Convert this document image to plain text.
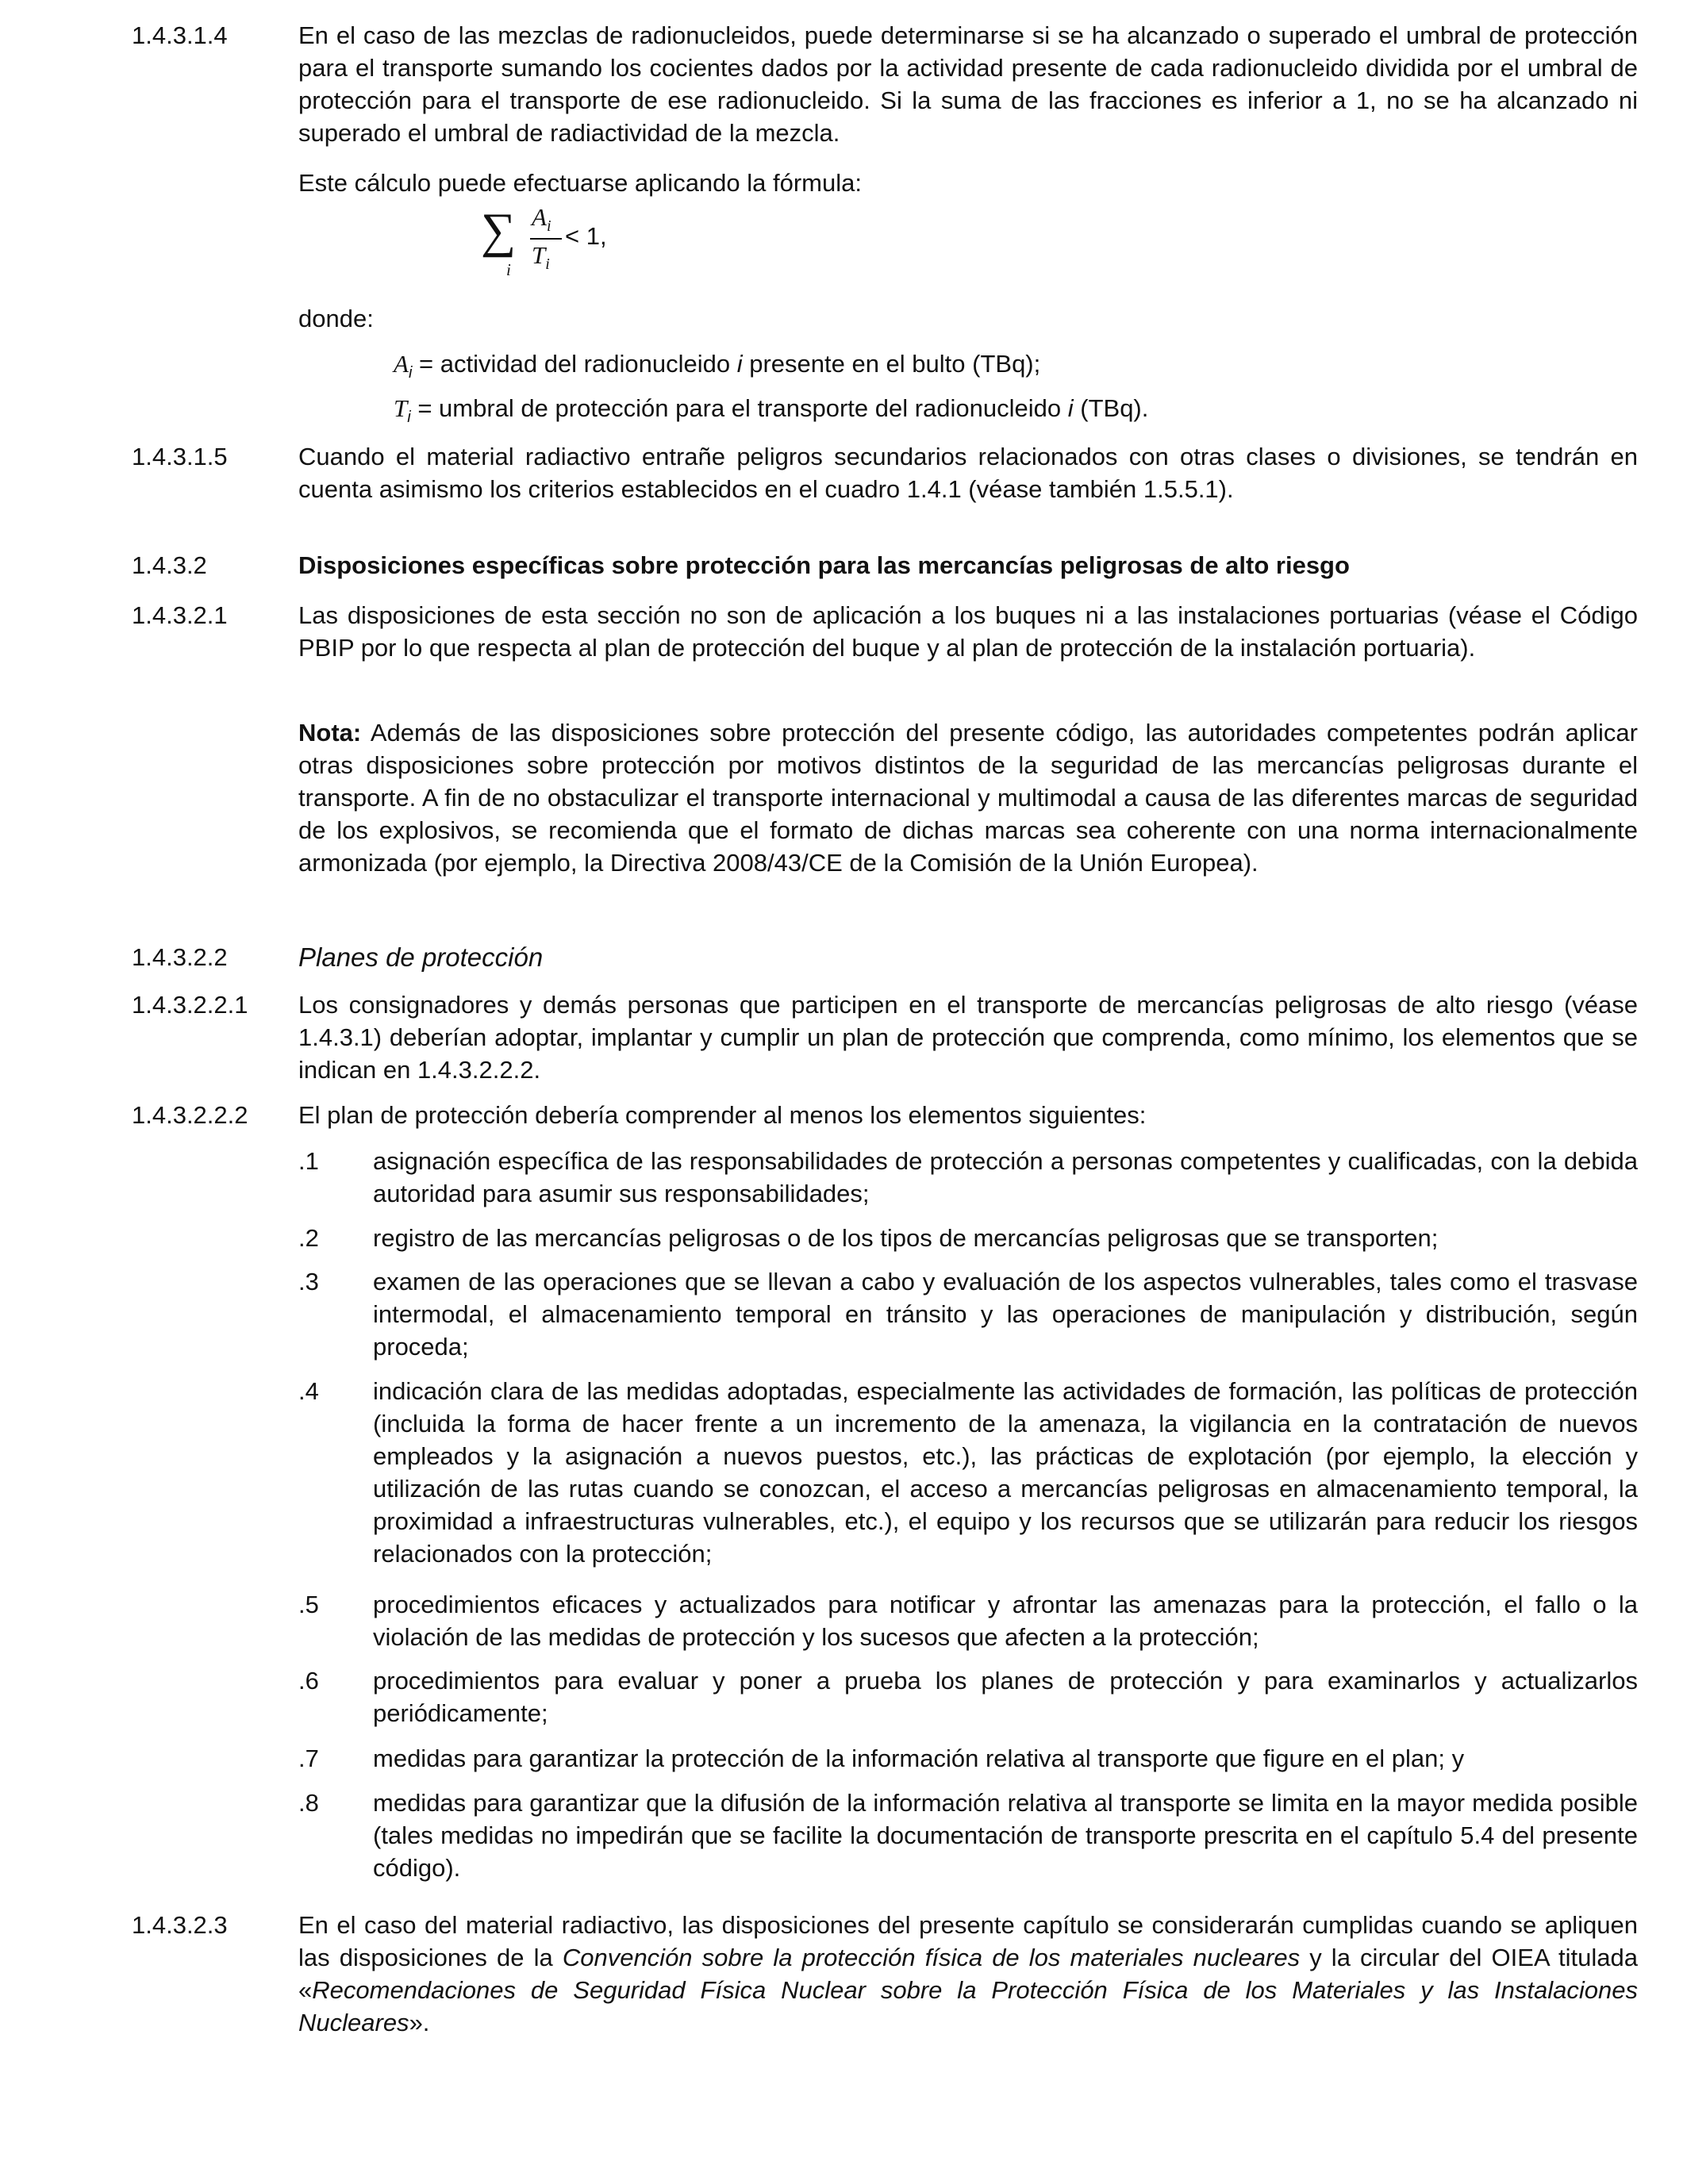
1.4.3.1.4	En el caso de las mezclas de radionucleidos, puede determinarse si se ha alcanzado o superado el umbral de protección para el transporte sumando los cocientes dados por la actividad presente de cada radionucleido dividida por el umbral de protección para el transporte de ese radionucleido. Si la suma de las fracciones es inferior a 1, no se ha alcanzado ni superado el umbral de radiactividad de la mezcla.
Este cálculo puede efectuarse aplicando la fórmula:
∑
i
$A_i$
$T_i$
< 1,
donde:
$A_i$ = actividad del radionucleido i presente en el bulto (TBq);
$T_i$ = umbral de protección para el transporte del radionucleido i (TBq).
1.4.3.1.5	Cuando el material radiactivo entrañe peligros secundarios relacionados con otras clases o divisiones, se tendrán en cuenta asimismo los criterios establecidos en el cuadro 1.4.1 (véase también 1.5.5.1).
1.4.3.2	Disposiciones específicas sobre protección para las mercancías peligrosas de alto riesgo
1.4.3.2.1	Las disposiciones de esta sección no son de aplicación a los buques ni a las instalaciones portuarias (véase el Código PBIP por lo que respecta al plan de protección del buque y al plan de protección de la instalación portuaria).
Nota: Además de las disposiciones sobre protección del presente código, las autoridades competentes podrán aplicar otras disposiciones sobre protección por motivos distintos de la seguridad de las mercancías peligrosas durante el transporte. A fin de no obstaculizar el transporte internacional y multimodal a causa de las diferentes marcas de seguridad de los explosivos, se recomienda que el formato de dichas marcas sea coherente con una norma internacionalmente armonizada (por ejemplo, la Directiva 2008/43/CE de la Comisión de la Unión Europea).
1.4.3.2.2	Planes de protección
1.4.3.2.2.1 Los consignadores y demás personas que participen en el transporte de mercancías peligrosas de alto riesgo (véase 1.4.3.1) deberían adoptar, implantar y cumplir un plan de protección que comprenda, como mínimo, los elementos que se indican en 1.4.3.2.2.2.
1.4.3.2.2.2 El plan de protección debería comprender al menos los elementos siguientes:
.1 asignación específica de las responsabilidades de protección a personas competentes y cualificadas, con la debida autoridad para asumir sus responsabilidades;
.2 registro de las mercancías peligrosas o de los tipos de mercancías peligrosas que se transporten;
.3 examen de las operaciones que se llevan a cabo y evaluación de los aspectos vulnerables, tales como el trasvase intermodal, el almacenamiento temporal en tránsito y las operaciones de manipulación y distribución, según proceda;
.4 indicación clara de las medidas adoptadas, especialmente las actividades de formación, las políticas de protección (incluida la forma de hacer frente a un incremento de la amenaza, la vigilancia en la contratación de nuevos empleados y la asignación a nuevos puestos, etc.), las prácticas de explotación (por ejemplo, la elección y utilización de las rutas cuando se conozcan, el acceso a mercancías peligrosas en almacenamiento temporal, la proximidad a infraestructuras vulnerables, etc.), el equipo y los recursos que se utilizarán para reducir los riesgos relacionados con la protección;
.5 procedimientos eficaces y actualizados para notificar y afrontar las amenazas para la protección, el fallo o la violación de las medidas de protección y los sucesos que afecten a la protección;
.6 procedimientos para evaluar y poner a prueba los planes de protección y para examinarlos y actualizarlos periódicamente;
.7 medidas para garantizar la protección de la información relativa al transporte que figure en el plan; y
.8 medidas para garantizar que la difusión de la información relativa al transporte se limita en la mayor medida posible (tales medidas no impedirán que se facilite la documentación de transporte prescrita en el capítulo 5.4 del presente código).
1.4.3.2.3	En el caso del material radiactivo, las disposiciones del presente capítulo se considerarán cumplidas cuando se apliquen las disposiciones de la Convención sobre la protección física de los materiales nucleares y la circular del OIEA titulada «Recomendaciones de Seguridad Física Nuclear sobre la Protección Física de los Materiales y las Instalaciones Nucleares».
